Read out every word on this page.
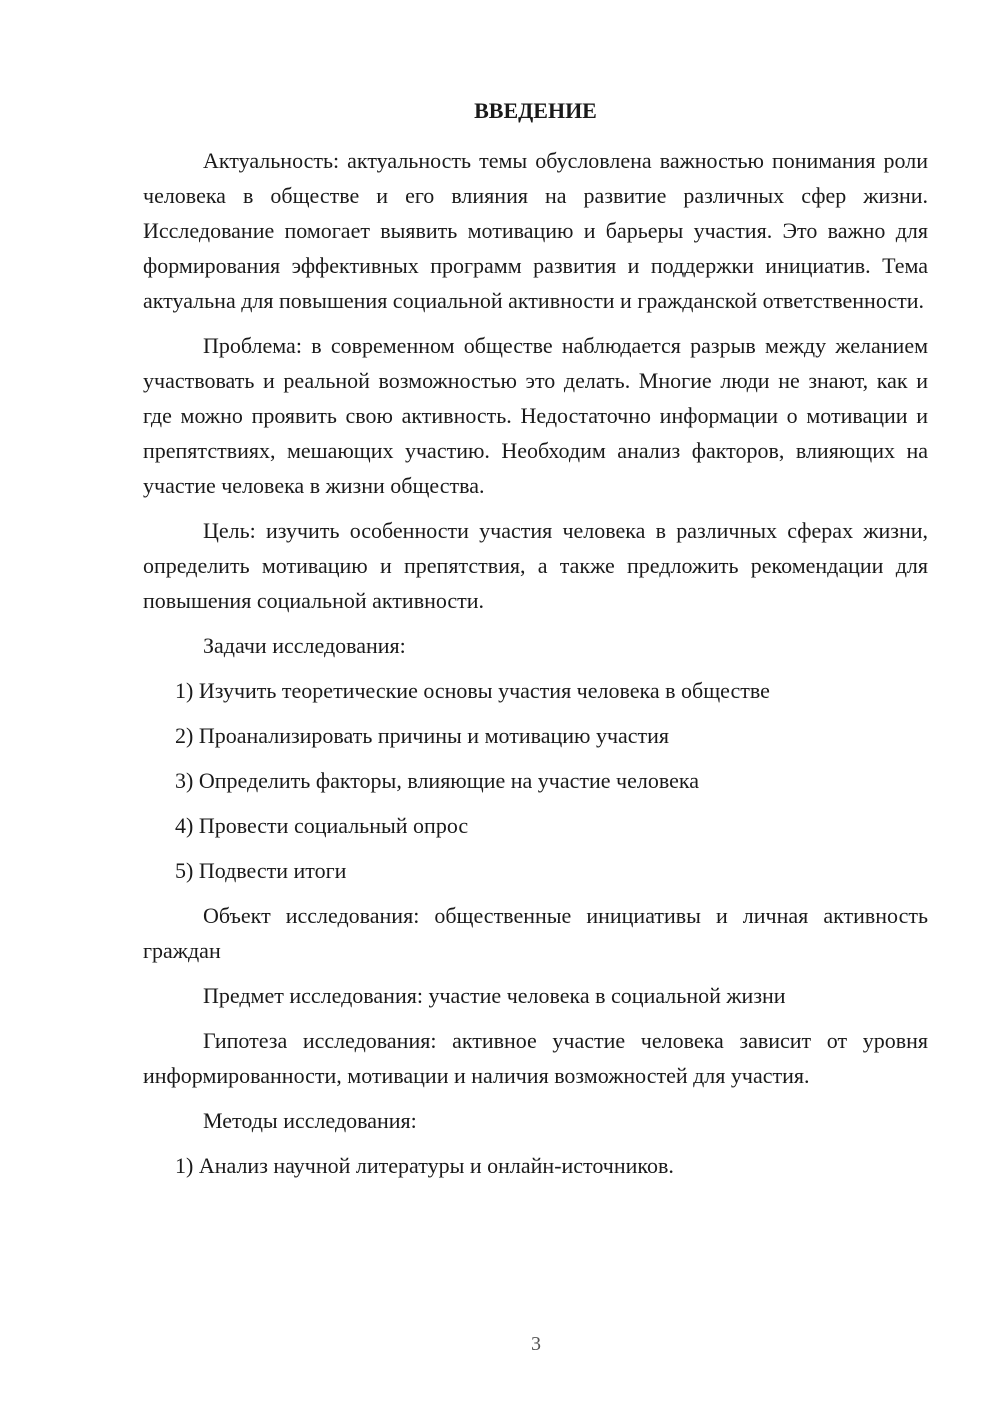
ВВЕДЕНИЕ
Актуальность: актуальность темы обусловлена важностью понимания роли человека в обществе и его влияния на развитие различных сфер жизни. Исследование помогает выявить мотивацию и барьеры участия. Это важно для формирования эффективных программ развития и поддержки инициатив. Тема актуальна для повышения социальной активности и гражданской ответственности.
Проблема: в современном обществе наблюдается разрыв между желанием участвовать и реальной возможностью это делать. Многие люди не знают, как и где можно проявить свою активность. Недостаточно информации о мотивации и препятствиях, мешающих участию. Необходим анализ факторов, влияющих на участие человека в жизни общества.
Цель: изучить особенности участия человека в различных сферах жизни, определить мотивацию и препятствия, а также предложить рекомендации для повышения социальной активности.
Задачи исследования:
1) Изучить теоретические основы участия человека в обществе
2) Проанализировать причины и мотивацию участия
3) Определить факторы, влияющие на участие человека
4) Провести социальный опрос
5) Подвести итоги
Объект исследования: общественные инициативы и личная активность граждан
Предмет исследования: участие человека в социальной жизни
Гипотеза исследования: активное участие человека зависит от уровня информированности, мотивации и наличия возможностей для участия.
Методы исследования:
1) Анализ научной литературы и онлайн-источников.
3
